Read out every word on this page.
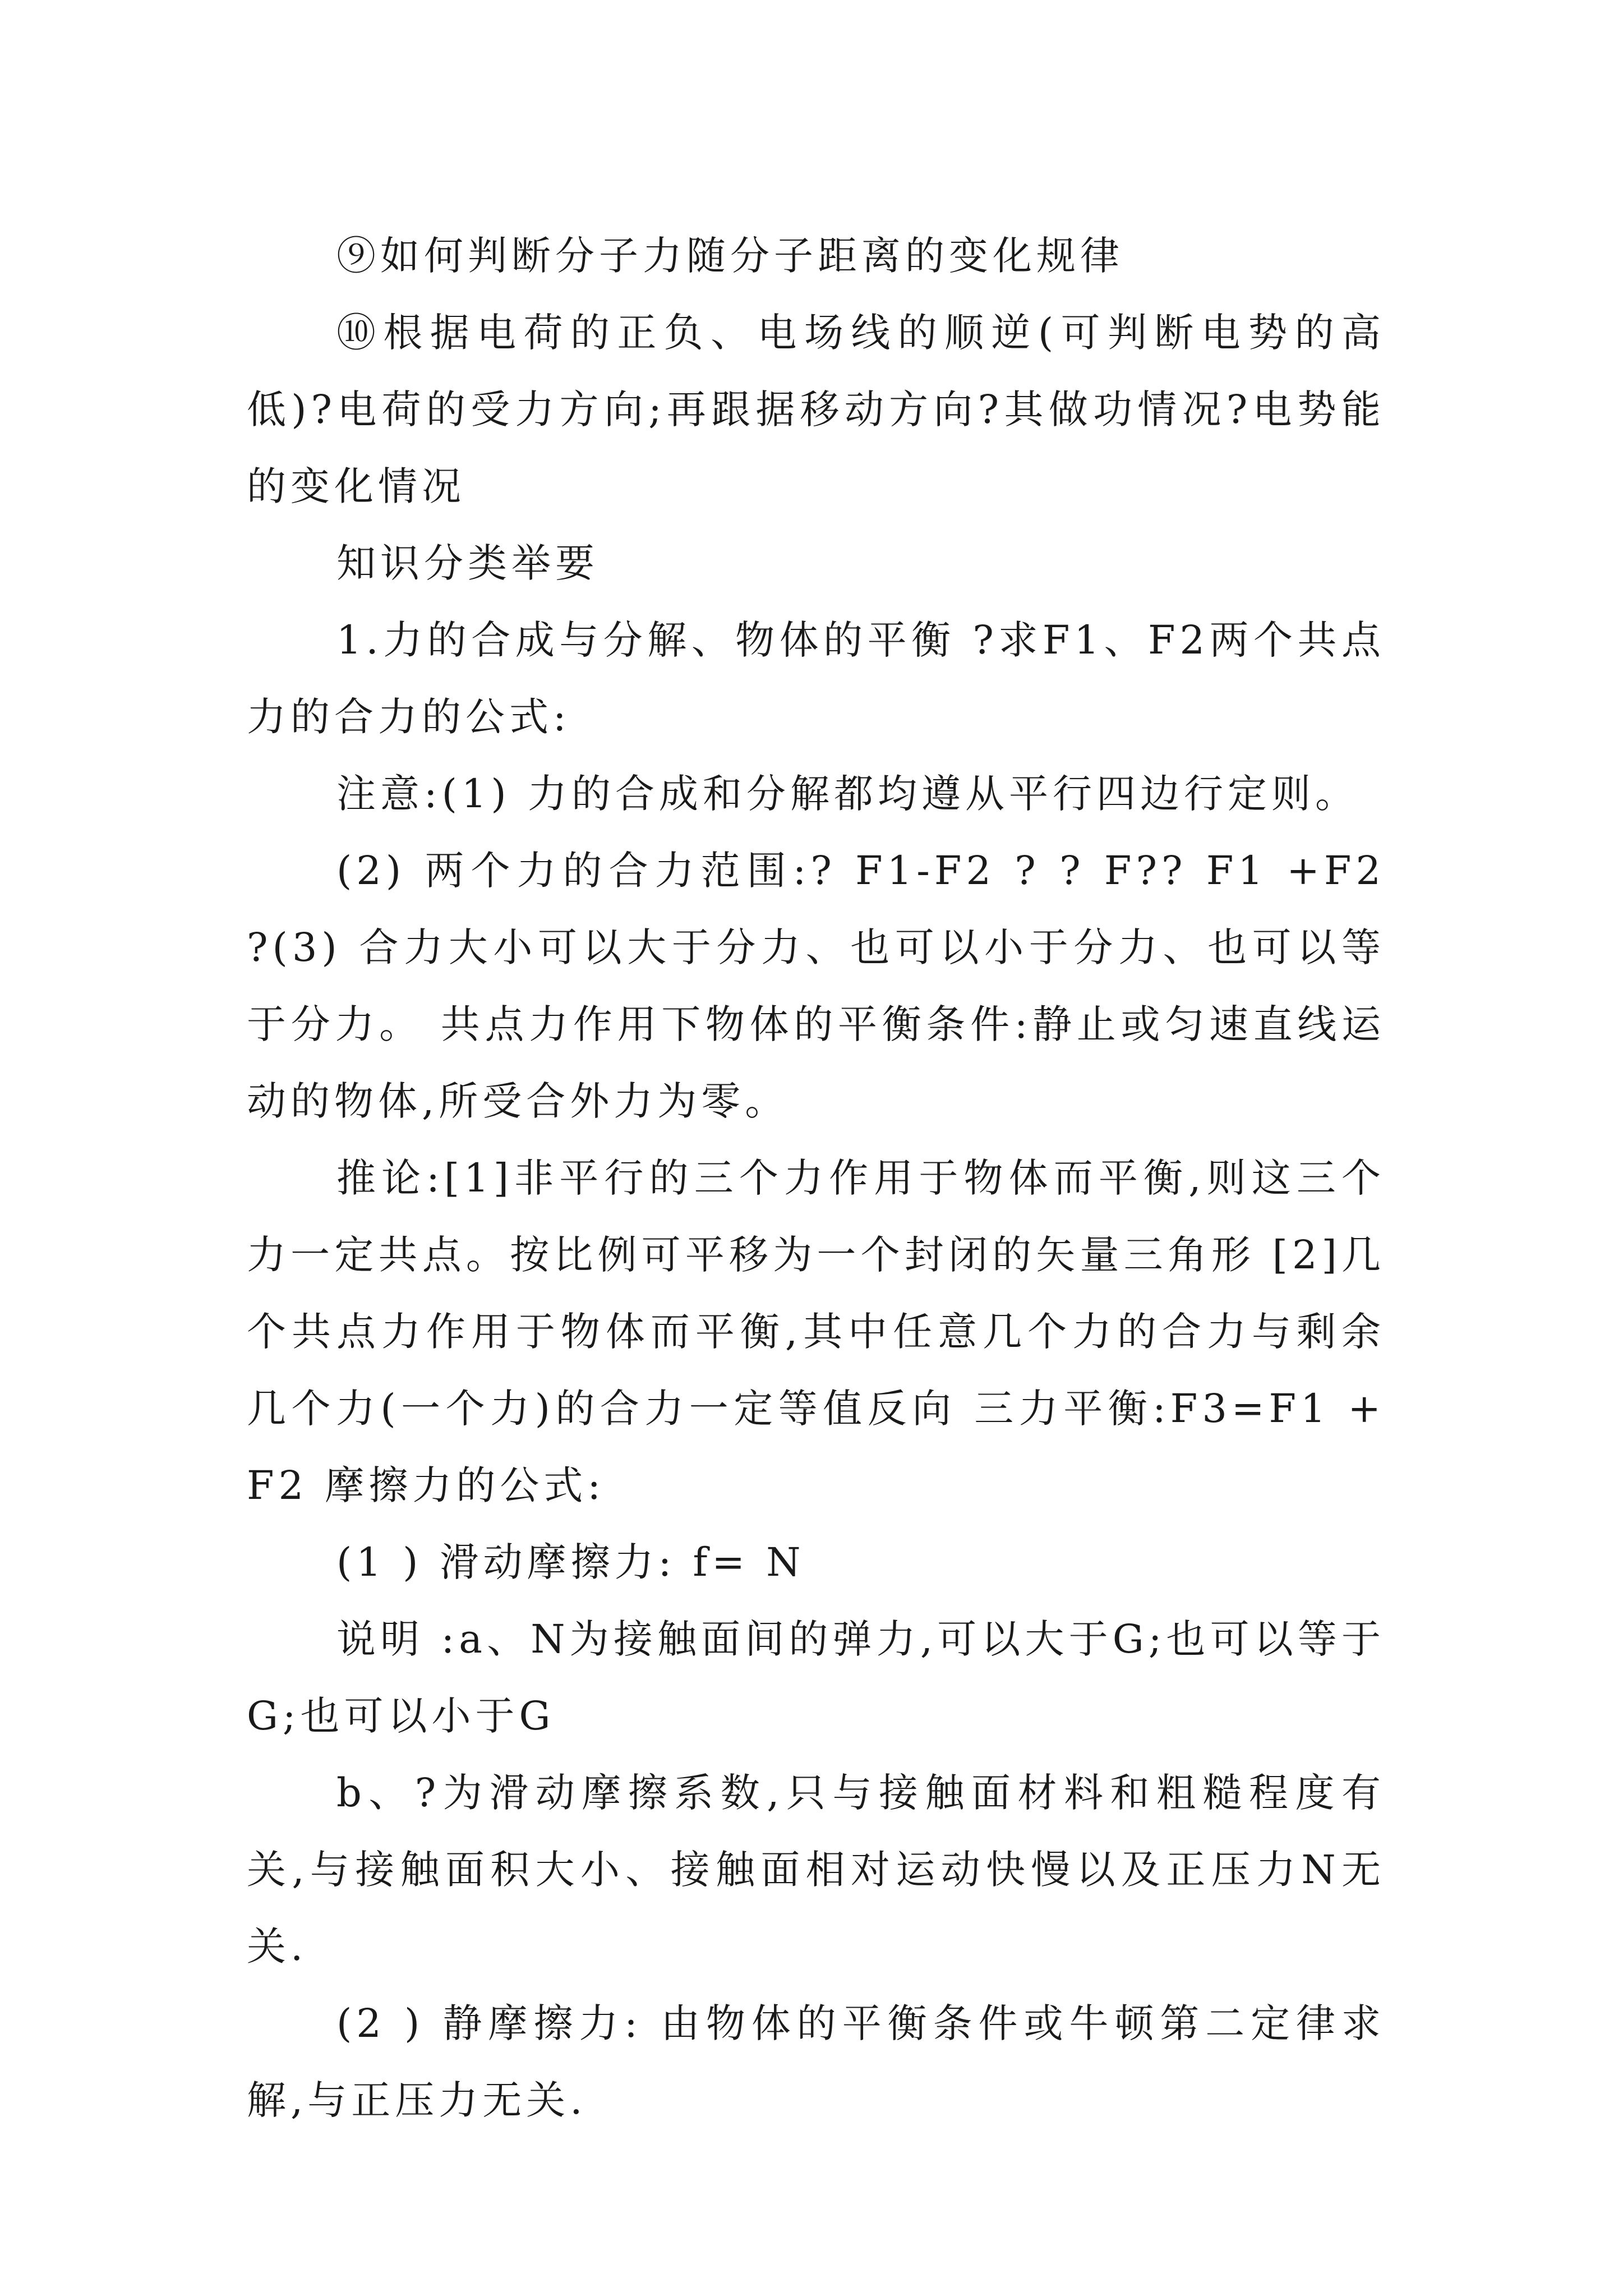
⑨如何判断分子力随分子距离的变化规律

⑩根据电荷的正负、电场线的顺逆(可判断电势的高低)?电荷的受力方向;再跟据移动方向?其做功情况?电势能的变化情况

知识分类举要

1.力的合成与分解、物体的平衡 ?求F1、F2两个共点力的合力的公式:

注意:(1) 力的合成和分解都均遵从平行四边行定则。

(2) 两个力的合力范围:? F1-F2 ? ? F?? F1 +F2 ?(3) 合力大小可以大于分力、也可以小于分力、也可以等于分力。 共点力作用下物体的平衡条件:静止或匀速直线运动的物体,所受合外力为零。

推论:[1]非平行的三个力作用于物体而平衡,则这三个力一定共点。按比例可平移为一个封闭的矢量三角形 [2]几个共点力作用于物体而平衡,其中任意几个力的合力与剩余几个力(一个力)的合力一定等值反向 三力平衡:F3=F1 +F2 摩擦力的公式:

(1 ) 滑动摩擦力: f= N

说明 :a、N为接触面间的弹力,可以大于G;也可以等于G;也可以小于G

b、?为滑动摩擦系数,只与接触面材料和粗糙程度有关,与接触面积大小、接触面相对运动快慢以及正压力N无关.

(2 ) 静摩擦力: 由物体的平衡条件或牛顿第二定律求解,与正压力无关.
